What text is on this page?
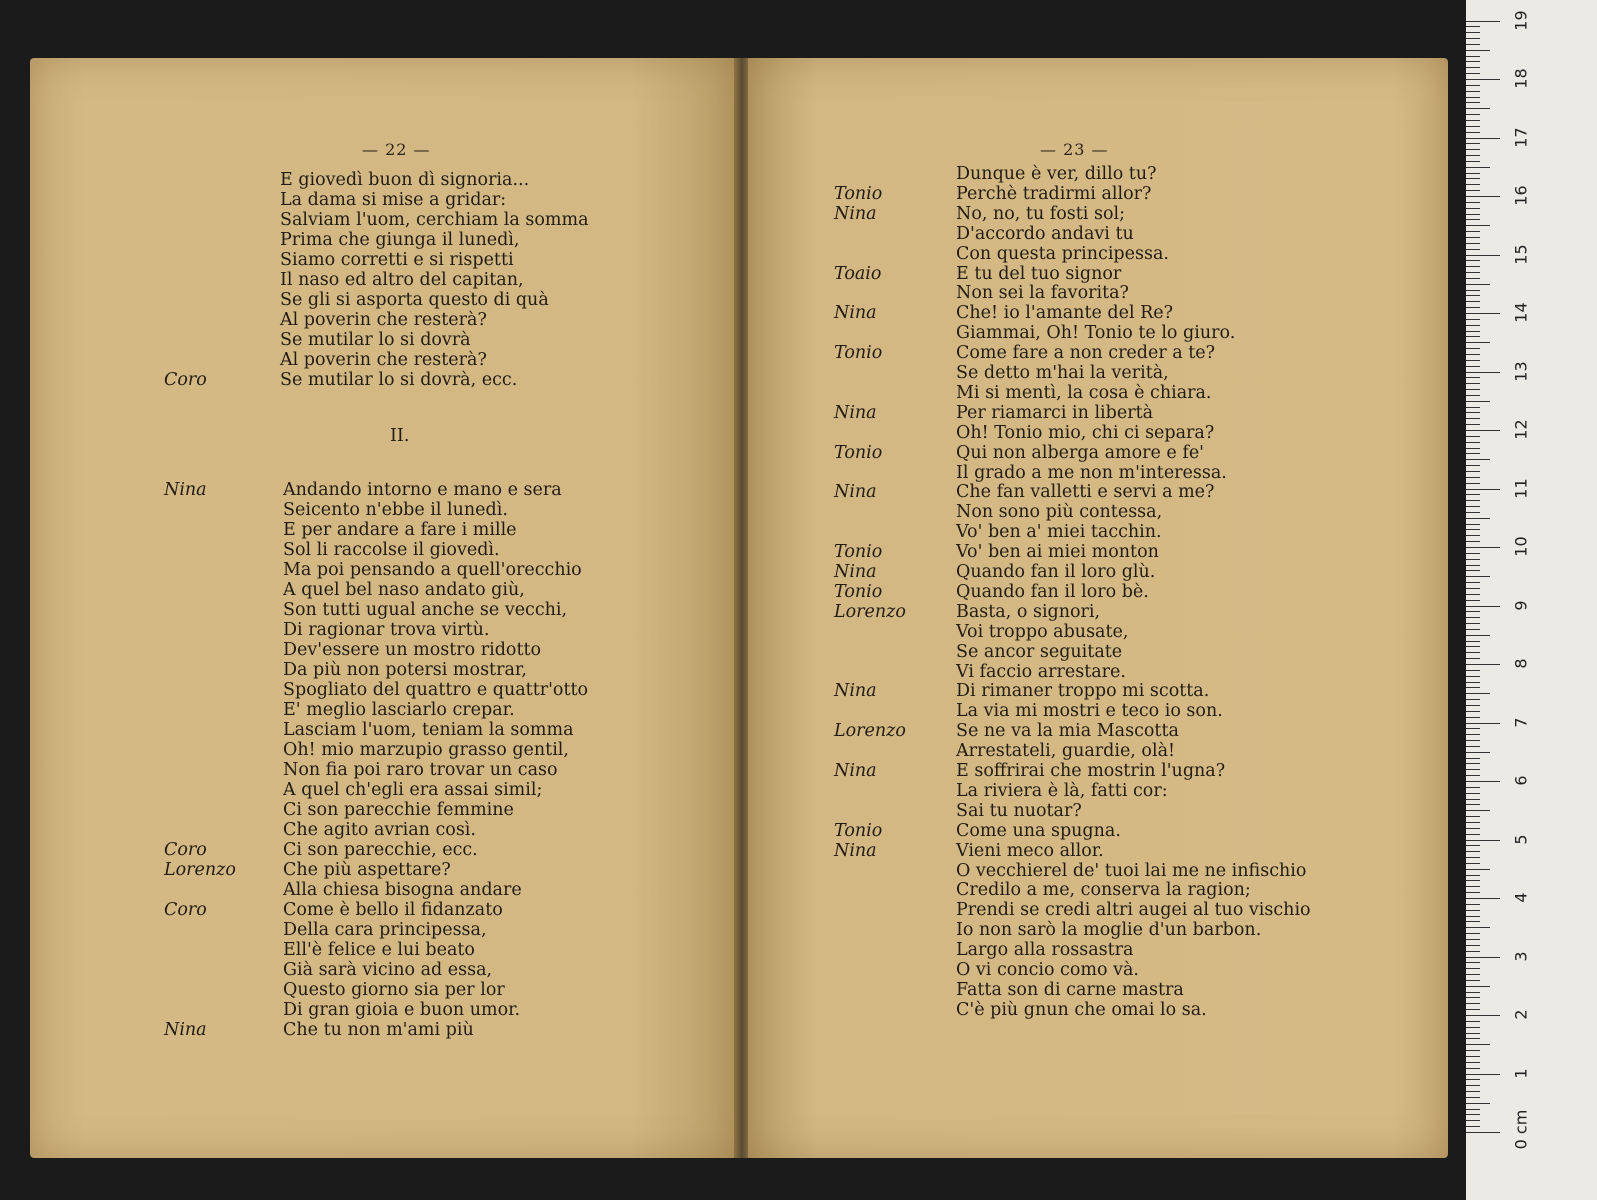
— 22 —
E giovedì buon dì signoria...
La dama si mise a gridar:
Salviam l'uom, cerchiam la somma
Prima che giunga il lunedì,
Siamo corretti e si rispetti
Il naso ed altro del capitan,
Se gli si asporta questo di quà
Al poverin che resterà?
Se mutilar lo si dovrà
Al poverin che resterà?
Coro	Se mutilar lo si dovrà, ecc.
II.
Nina	Andando intorno e mano e sera
Seicento n'ebbe il lunedì.
E per andare a fare i mille
Sol li raccolse il giovedì.
Ma poi pensando a quell'orecchio
A quel bel naso andato giù,
Son tutti ugual anche se vecchi,
Di ragionar trova virtù.
Dev'essere un mostro ridotto
Da più non potersi mostrar,
Spogliato del quattro e quattr'otto
E' meglio lasciarlo crepar.
Lasciam l'uom, teniam la somma
Oh! mio marzupio grasso gentil,
Non fia poi raro trovar un caso
A quel ch'egli era assai simil;
Ci son parecchie femmine
Che agito avrian così.
Coro	Ci son parecchie, ecc.
Lorenzo	Che più aspettare?
Alla chiesa bisogna andare
Coro	Come è bello il fidanzato
Della cara principessa,
Ell'è felice e lui beato
Già sarà vicino ad essa,
Questo giorno sia per lor
Di gran gioia e buon umor.
Nina	Che tu non m'ami più
— 23 —
Dunque è ver, dillo tu?
Tonio	Perchè tradirmi allor?
Nina	No, no, tu fosti sol;
D'accordo andavi tu
Con questa principessa.
Toaio	E tu del tuo signor
Non sei la favorita?
Nina	Che! io l'amante del Re?
Giammai, Oh! Tonio te lo giuro.
Tonio	Come fare a non creder a te?
Se detto m'hai la verità,
Mi si mentì, la cosa è chiara.
Nina	Per riamarci in libertà
Oh! Tonio mio, chi ci separa?
Tonio	Qui non alberga amore e fe'
Il grado a me non m'interessa.
Nina	Che fan valletti e servi a me?
Non sono più contessa,
Vo' ben a' miei tacchin.
Tonio	Vo' ben ai miei monton
Nina	Quando fan il loro glù.
Tonio	Quando fan il loro bè.
Lorenzo	Basta, o signori,
Voi troppo abusate,
Se ancor seguitate
Vi faccio arrestare.
Nina	Di rimaner troppo mi scotta.
La via mi mostri e teco io son.
Lorenzo	Se ne va la mia Mascotta
Arrestateli, guardie, olà!
Nina	E soffrirai che mostrin l'ugna?
La riviera è là, fatti cor:
Sai tu nuotar?
Tonio	Come una spugna.
Nina	Vieni meco allor.
O vecchierel de' tuoi lai me ne infischio
Credilo a me, conserva la ragion;
Prendi se credi altri augei al tuo vischio
Io non sarò la moglie d'un barbon.
Largo alla rossastra
O vi concio como và.
Fatta son di carne mastra
C'è più gnun che omai lo sa.
0 cm
1
2
3
4
5
6
7
8
9
10
11
12
13
14
15
16
17
18
19
